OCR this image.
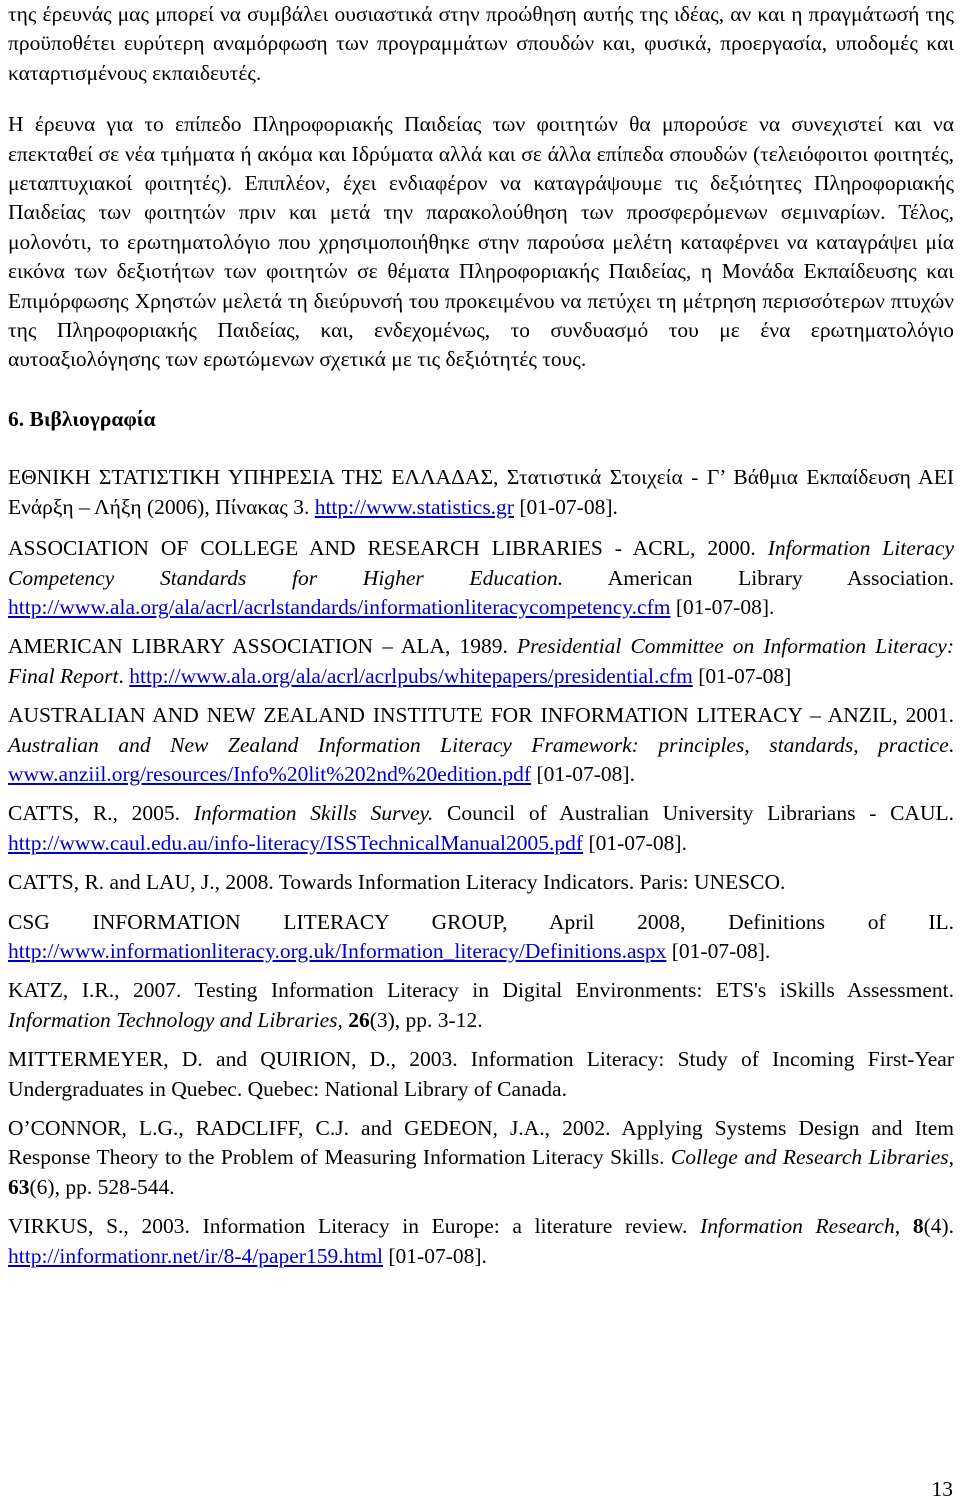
της έρευνάς μας μπορεί να συμβάλει ουσιαστικά στην προώθηση αυτής της ιδέας, αν και η πραγμάτωσή της προϋποθέτει ευρύτερη αναμόρφωση των προγραμμάτων σπουδών και, φυσικά, προεργασία, υποδομές και καταρτισμένους εκπαιδευτές.

Η έρευνα για το επίπεδο Πληροφοριακής Παιδείας των φοιτητών θα μπορούσε να συνεχιστεί και να επεκταθεί σε νέα τμήματα ή ακόμα και Ιδρύματα αλλά και σε άλλα επίπεδα σπουδών (τελειόφοιτοι φοιτητές, μεταπτυχιακοί φοιτητές). Επιπλέον, έχει ενδιαφέρον να καταγράψουμε τις δεξιότητες Πληροφοριακής Παιδείας των φοιτητών πριν και μετά την παρακολούθηση των προσφερόμενων σεμιναρίων. Τέλος, μολονότι, το ερωτηματολόγιο που χρησιμοποιήθηκε στην παρούσα μελέτη καταφέρνει να καταγράψει μία εικόνα των δεξιοτήτων των φοιτητών σε θέματα Πληροφοριακής Παιδείας, η Μονάδα Εκπαίδευσης και Επιμόρφωσης Χρηστών μελετά τη διεύρυνσή του προκειμένου να πετύχει τη μέτρηση περισσότερων πτυχών της Πληροφοριακής Παιδείας, και, ενδεχομένως, το συνδυασμό του με ένα ερωτηματολόγιο αυτοαξιολόγησης των ερωτώμενων σχετικά με τις δεξιότητές τους.

6. Βιβλιογραφία

ΕΘΝΙΚΗ ΣΤΑΤΙΣΤΙΚΗ ΥΠΗΡΕΣΙΑ ΤΗΣ ΕΛΛΑΔΑΣ, Στατιστικά Στοιχεία - Γ’ Βάθμια Εκπαίδευση ΑΕΙ Ενάρξη – Λήξη (2006), Πίνακας 3. http://www.statistics.gr [01-07-08].

ASSOCIATION OF COLLEGE AND RESEARCH LIBRARIES - ACRL, 2000. Information Literacy Competency Standards for Higher Education. American Library Association. http://www.ala.org/ala/acrl/acrlstandards/informationliteracycompetency.cfm [01-07-08].

AMERICAN LIBRARY ASSOCIATION – ALA, 1989. Presidential Committee on Information Literacy: Final Report. http://www.ala.org/ala/acrl/acrlpubs/whitepapers/presidential.cfm [01-07-08]

AUSTRALIAN AND NEW ZEALAND INSTITUTE FOR INFORMATION LITERACY – ANZIL, 2001. Australian and New Zealand Information Literacy Framework: principles, standards, practice. www.anziil.org/resources/Info%20lit%202nd%20edition.pdf [01-07-08].

CATTS, R., 2005. Information Skills Survey. Council of Australian University Librarians - CAUL. http://www.caul.edu.au/info-literacy/ISSTechnicalManual2005.pdf [01-07-08].

CATTS, R. and LAU, J., 2008. Towards Information Literacy Indicators. Paris: UNESCO.

CSG INFORMATION LITERACY GROUP, April 2008, Definitions of IL. http://www.informationliteracy.org.uk/Information_literacy/Definitions.aspx [01-07-08].

KATZ, I.R., 2007. Testing Information Literacy in Digital Environments: ETS's iSkills Assessment. Information Technology and Libraries, 26(3), pp. 3-12.

MITTERMEYER, D. and QUIRION, D., 2003. Information Literacy: Study of Incoming First-Year Undergraduates in Quebec. Quebec: National Library of Canada.

O’CONNOR, L.G., RADCLIFF, C.J. and GEDEON, J.A., 2002. Applying Systems Design and Item Response Theory to the Problem of Measuring Information Literacy Skills. College and Research Libraries, 63(6), pp. 528-544.

VIRKUS, S., 2003. Information Literacy in Europe: a literature review. Information Research, 8(4). http://informationr.net/ir/8-4/paper159.html [01-07-08].

13
